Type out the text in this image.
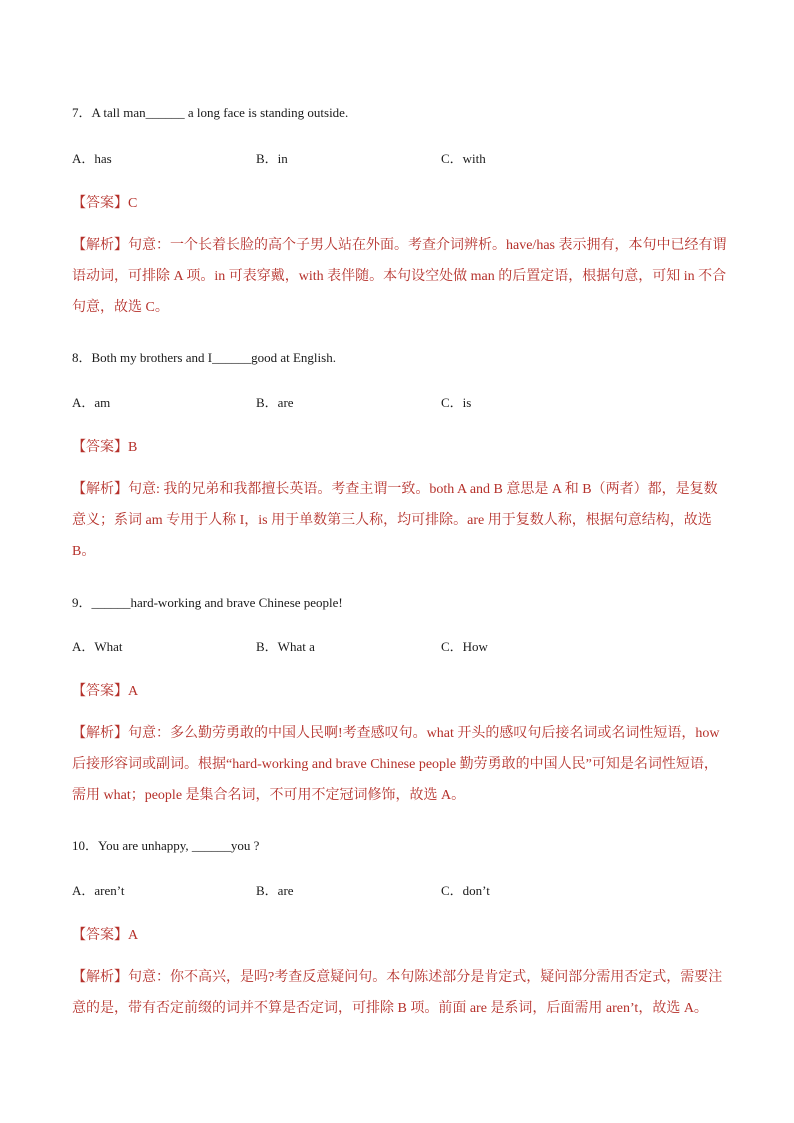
7．A tall man______ a long face is standing outside.
A．has	B．in	C．with
【答案】C
【解析】句意：一个长着长脸的高个子男人站在外面。考查介词辨析。have/has 表示拥有，本句中已经有谓
语动词，可排除 A 项。in 可表穿戴，with 表伴随。本句设空处做 man 的后置定语，根据句意，可知 in 不合
句意，故选 C。
8．Both my brothers and I______good at English.
A．am	B．are	C．is
【答案】B
【解析】句意: 我的兄弟和我都擅长英语。考查主谓一致。both A and B 意思是 A 和 B（两者）都，是复数
意义；系词 am 专用于人称 I，is 用于单数第三人称，均可排除。are 用于复数人称，根据句意结构，故选
B。
9．______hard-working and brave Chinese people!
A．What	B．What a	C．How
【答案】A
【解析】句意：多么勤劳勇敢的中国人民啊!考查感叹句。what 开头的感叹句后接名词或名词性短语，how
后接形容词或副词。根据“hard-working and brave Chinese people 勤劳勇敢的中国人民”可知是名词性短语，
需用 what；people 是集合名词，不可用不定冠词修饰，故选 A。
10．You are unhappy, ______you ?
A．aren’t	B．are	C．don’t
【答案】A
【解析】句意：你不高兴，是吗?考查反意疑问句。本句陈述部分是肯定式，疑问部分需用否定式，需要注
意的是，带有否定前缀的词并不算是否定词，可排除 B 项。前面 are 是系词，后面需用 aren’t，故选 A。
